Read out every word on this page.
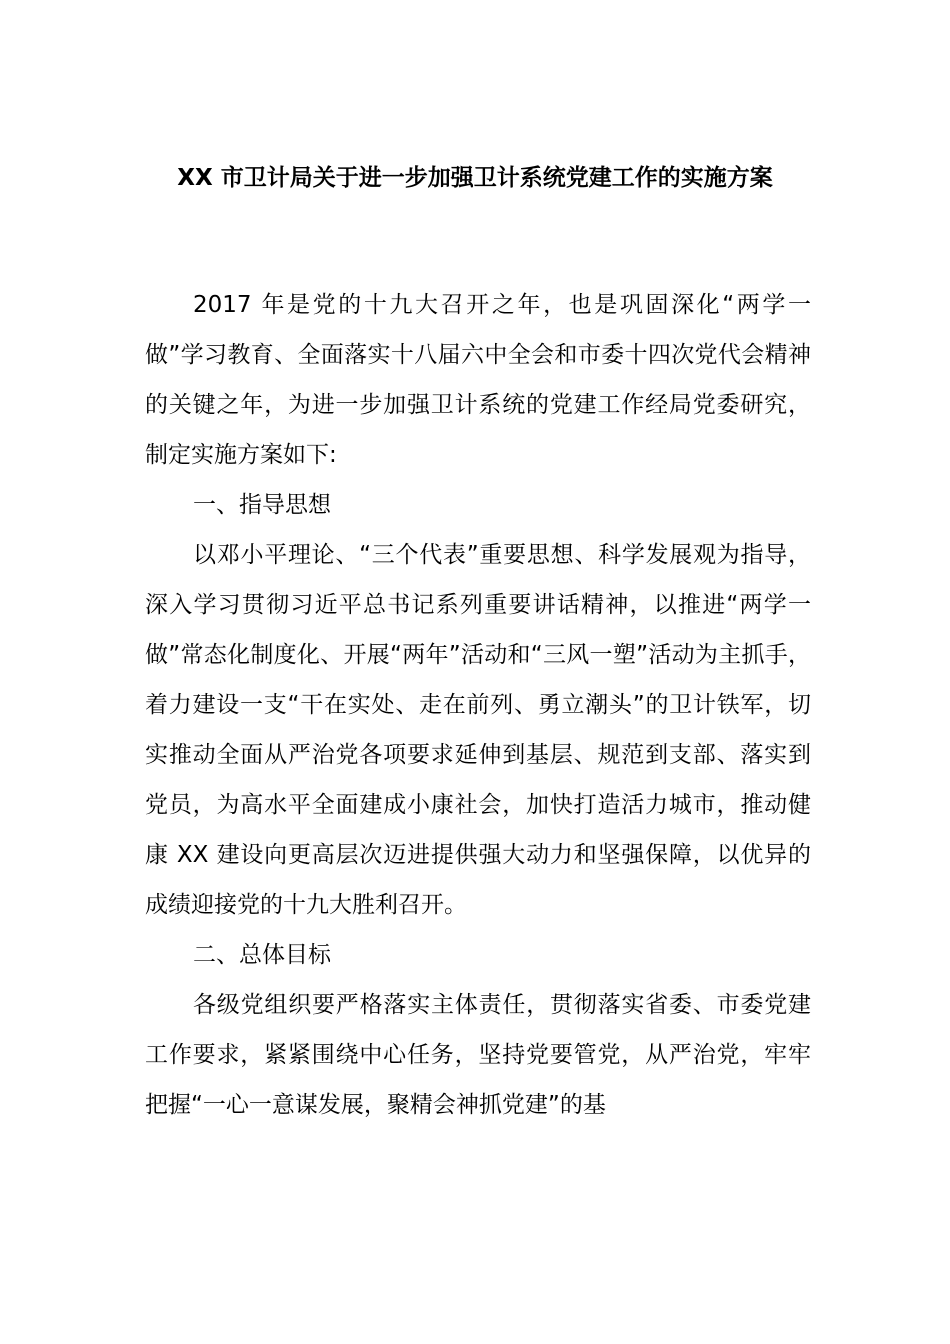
XX 市卫计局关于进一步加强卫计系统党建工作的实施方案

2017 年是党的十九大召开之年，也是巩固深化“两学一做”学习教育、全面落实十八届六中全会和市委十四次党代会精神的关键之年，为进一步加强卫计系统的党建工作经局党委研究，制定实施方案如下:

一、指导思想

以邓小平理论、“三个代表”重要思想、科学发展观为指导，深入学习贯彻习近平总书记系列重要讲话精神，以推进“两学一做”常态化制度化、开展“两年”活动和“三风一塑”活动为主抓手，着力建设一支“干在实处、走在前列、勇立潮头”的卫计铁军，切实推动全面从严治党各项要求延伸到基层、规范到支部、落实到党员，为高水平全面建成小康社会，加快打造活力城市，推动健康 XX 建设向更高层次迈进提供强大动力和坚强保障，以优异的成绩迎接党的十九大胜利召开。

二、总体目标

各级党组织要严格落实主体责任，贯彻落实省委、市委党建工作要求，紧紧围绕中心任务，坚持党要管党，从严治党，牢牢把握“一心一意谋发展，聚精会神抓党建”的基
